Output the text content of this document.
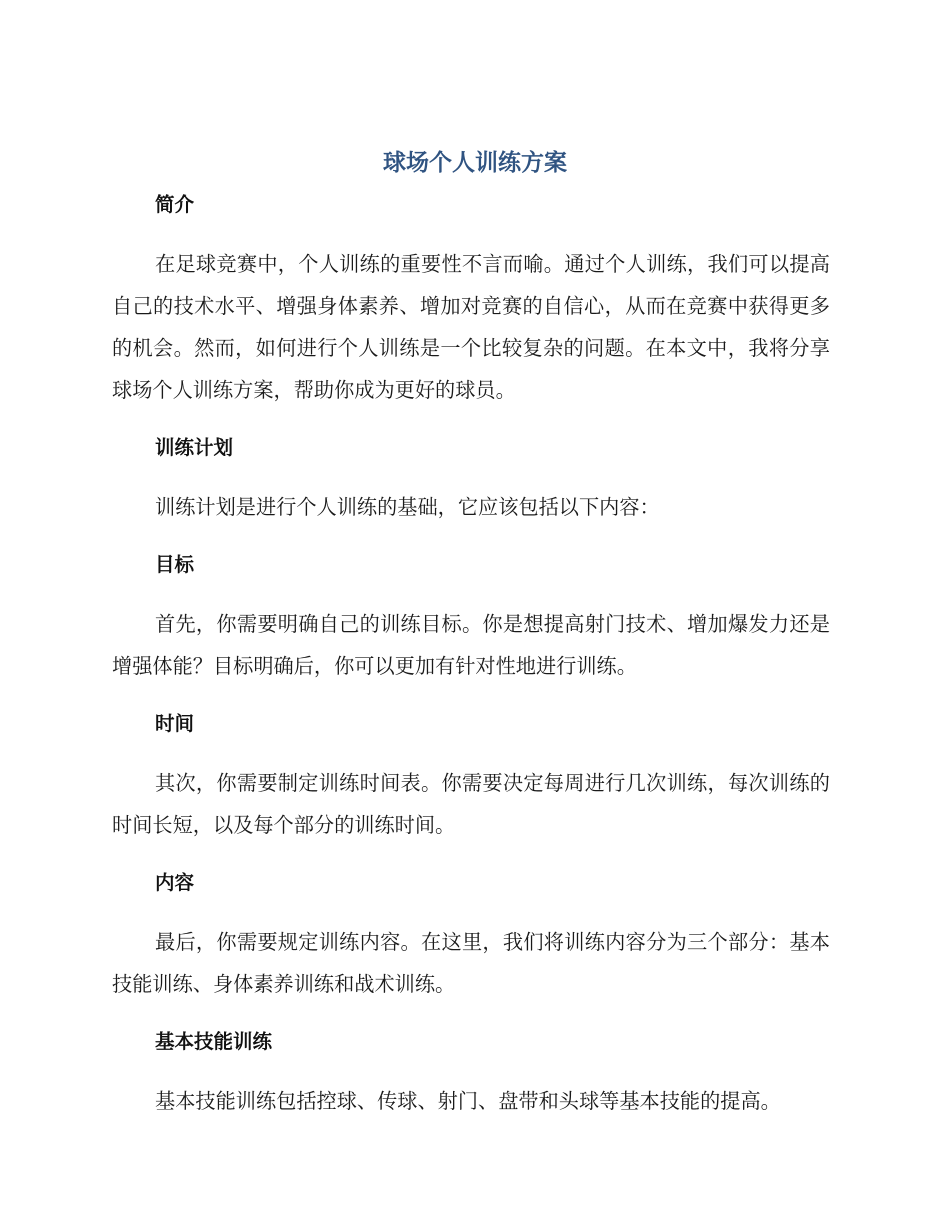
球场个人训练方案
简介

在足球竞赛中，个人训练的重要性不言而喻。通过个人训练，我们可以提高自己的技术水平、增强身体素养、增加对竞赛的自信心，从而在竞赛中获得更多的机会。然而，如何进行个人训练是一个比较复杂的问题。在本文中，我将分享球场个人训练方案，帮助你成为更好的球员。

训练计划

训练计划是进行个人训练的基础，它应该包括以下内容：

目标

首先，你需要明确自己的训练目标。你是想提高射门技术、增加爆发力还是增强体能？目标明确后，你可以更加有针对性地进行训练。

时间

其次，你需要制定训练时间表。你需要决定每周进行几次训练，每次训练的时间长短，以及每个部分的训练时间。

内容

最后，你需要规定训练内容。在这里，我们将训练内容分为三个部分：基本技能训练、身体素养训练和战术训练。

基本技能训练

基本技能训练包括控球、传球、射门、盘带和头球等基本技能的提高。
